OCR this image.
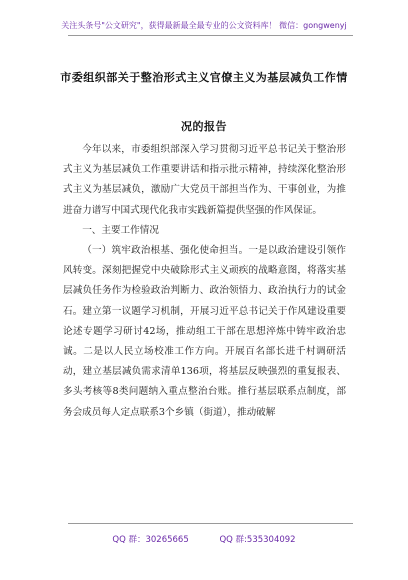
关注头条号"公文研究"，获得最新最全最专业的公文资料库！ 微信：gongwenyj
市委组织部关于整治形式主义官僚主义为基层减负工作情
况的报告

今年以来，市委组织部深入学习贯彻习近平总书记关于整治形式主义为基层减负工作重要讲话和指示批示精神，持续深化整治形式主义为基层减负，激励广大党员干部担当作为、干事创业，为推进奋力谱写中国式现代化我市实践新篇提供坚强的作风保证。

一、主要工作情况

（一）筑牢政治根基、强化使命担当。一是以政治建设引领作风转变。深刻把握党中央破除形式主义顽疾的战略意图，将落实基层减负任务作为检验政治判断力、政治领悟力、政治执行力的试金石。建立第一议题学习机制，开展习近平总书记关于作风建设重要论述专题学习研讨42场，推动组工干部在思想淬炼中铸牢政治忠诚。二是以人民立场校准工作方向。开展百名部长进千村调研活动，建立基层减负需求清单136项，将基层反映强烈的重复报表、多头考核等8类问题纳入重点整治台账。推行基层联系点制度，部务会成员每人定点联系3个乡镇（街道），推动破解

QQ 群：30265665	QQ 群:535304092
